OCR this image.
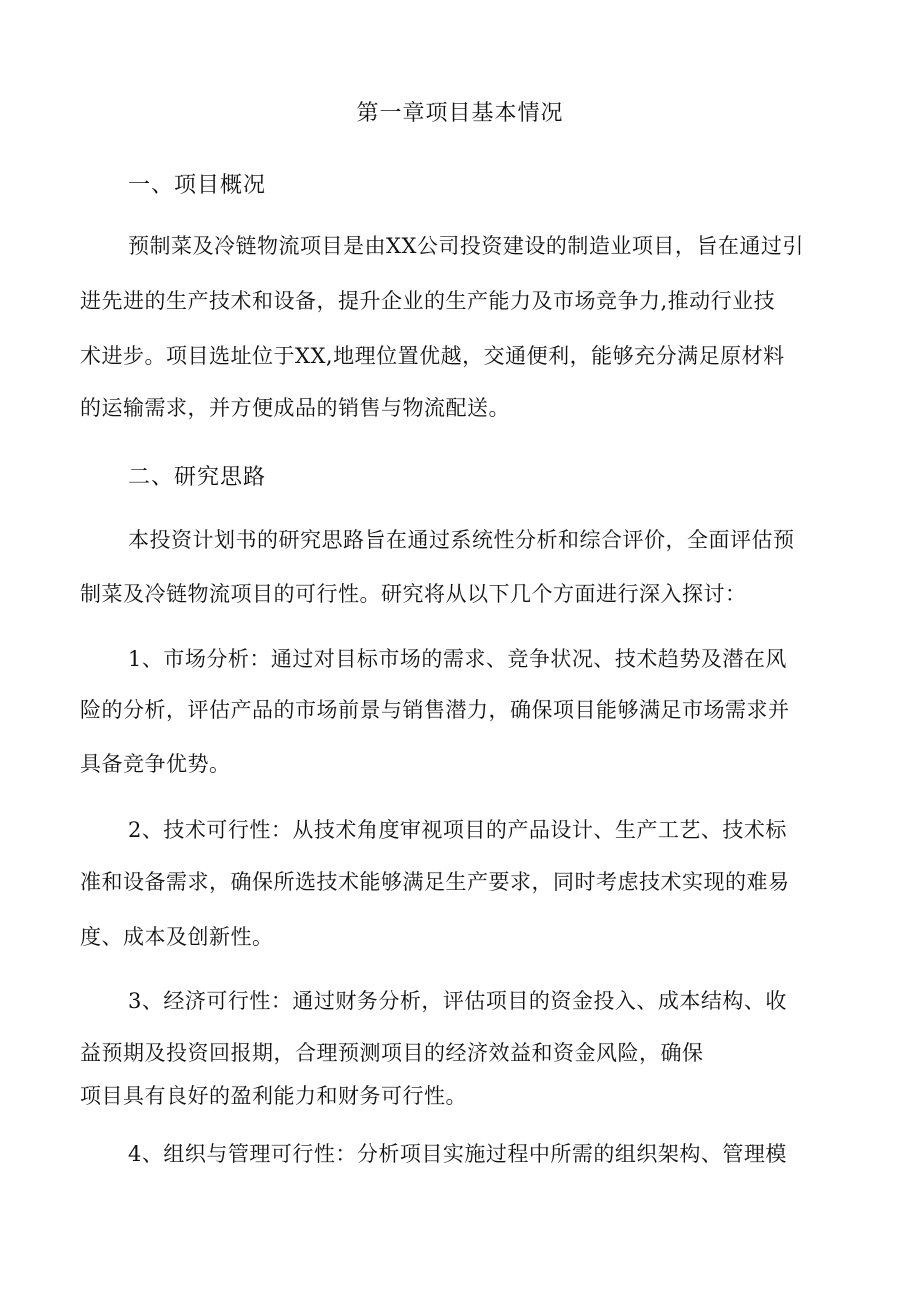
第一章项目基本情况
一、项目概况
预制菜及冷链物流项目是由XX公司投资建设的制造业项目，旨在通过引
进先进的生产技术和设备，提升企业的生产能力及市场竞争力,推动行业技
术进步。项目选址位于XX,地理位置优越，交通便利，能够充分满足原材料
的运输需求，并方便成品的销售与物流配送。
二、研究思路
本投资计划书的研究思路旨在通过系统性分析和综合评价，全面评估预
制菜及冷链物流项目的可行性。研究将从以下几个方面进行深入探讨：
1、市场分析：通过对目标市场的需求、竞争状况、技术趋势及潜在风
险的分析，评估产品的市场前景与销售潜力，确保项目能够满足市场需求并
具备竞争优势。
2、技术可行性：从技术角度审视项目的产品设计、生产工艺、技术标
准和设备需求，确保所选技术能够满足生产要求，同时考虑技术实现的难易
度、成本及创新性。
3、经济可行性：通过财务分析，评估项目的资金投入、成本结构、收
益预期及投资回报期，合理预测项目的经济效益和资金风险，确保
项目具有良好的盈利能力和财务可行性。
4、组织与管理可行性：分析项目实施过程中所需的组织架构、管理模
